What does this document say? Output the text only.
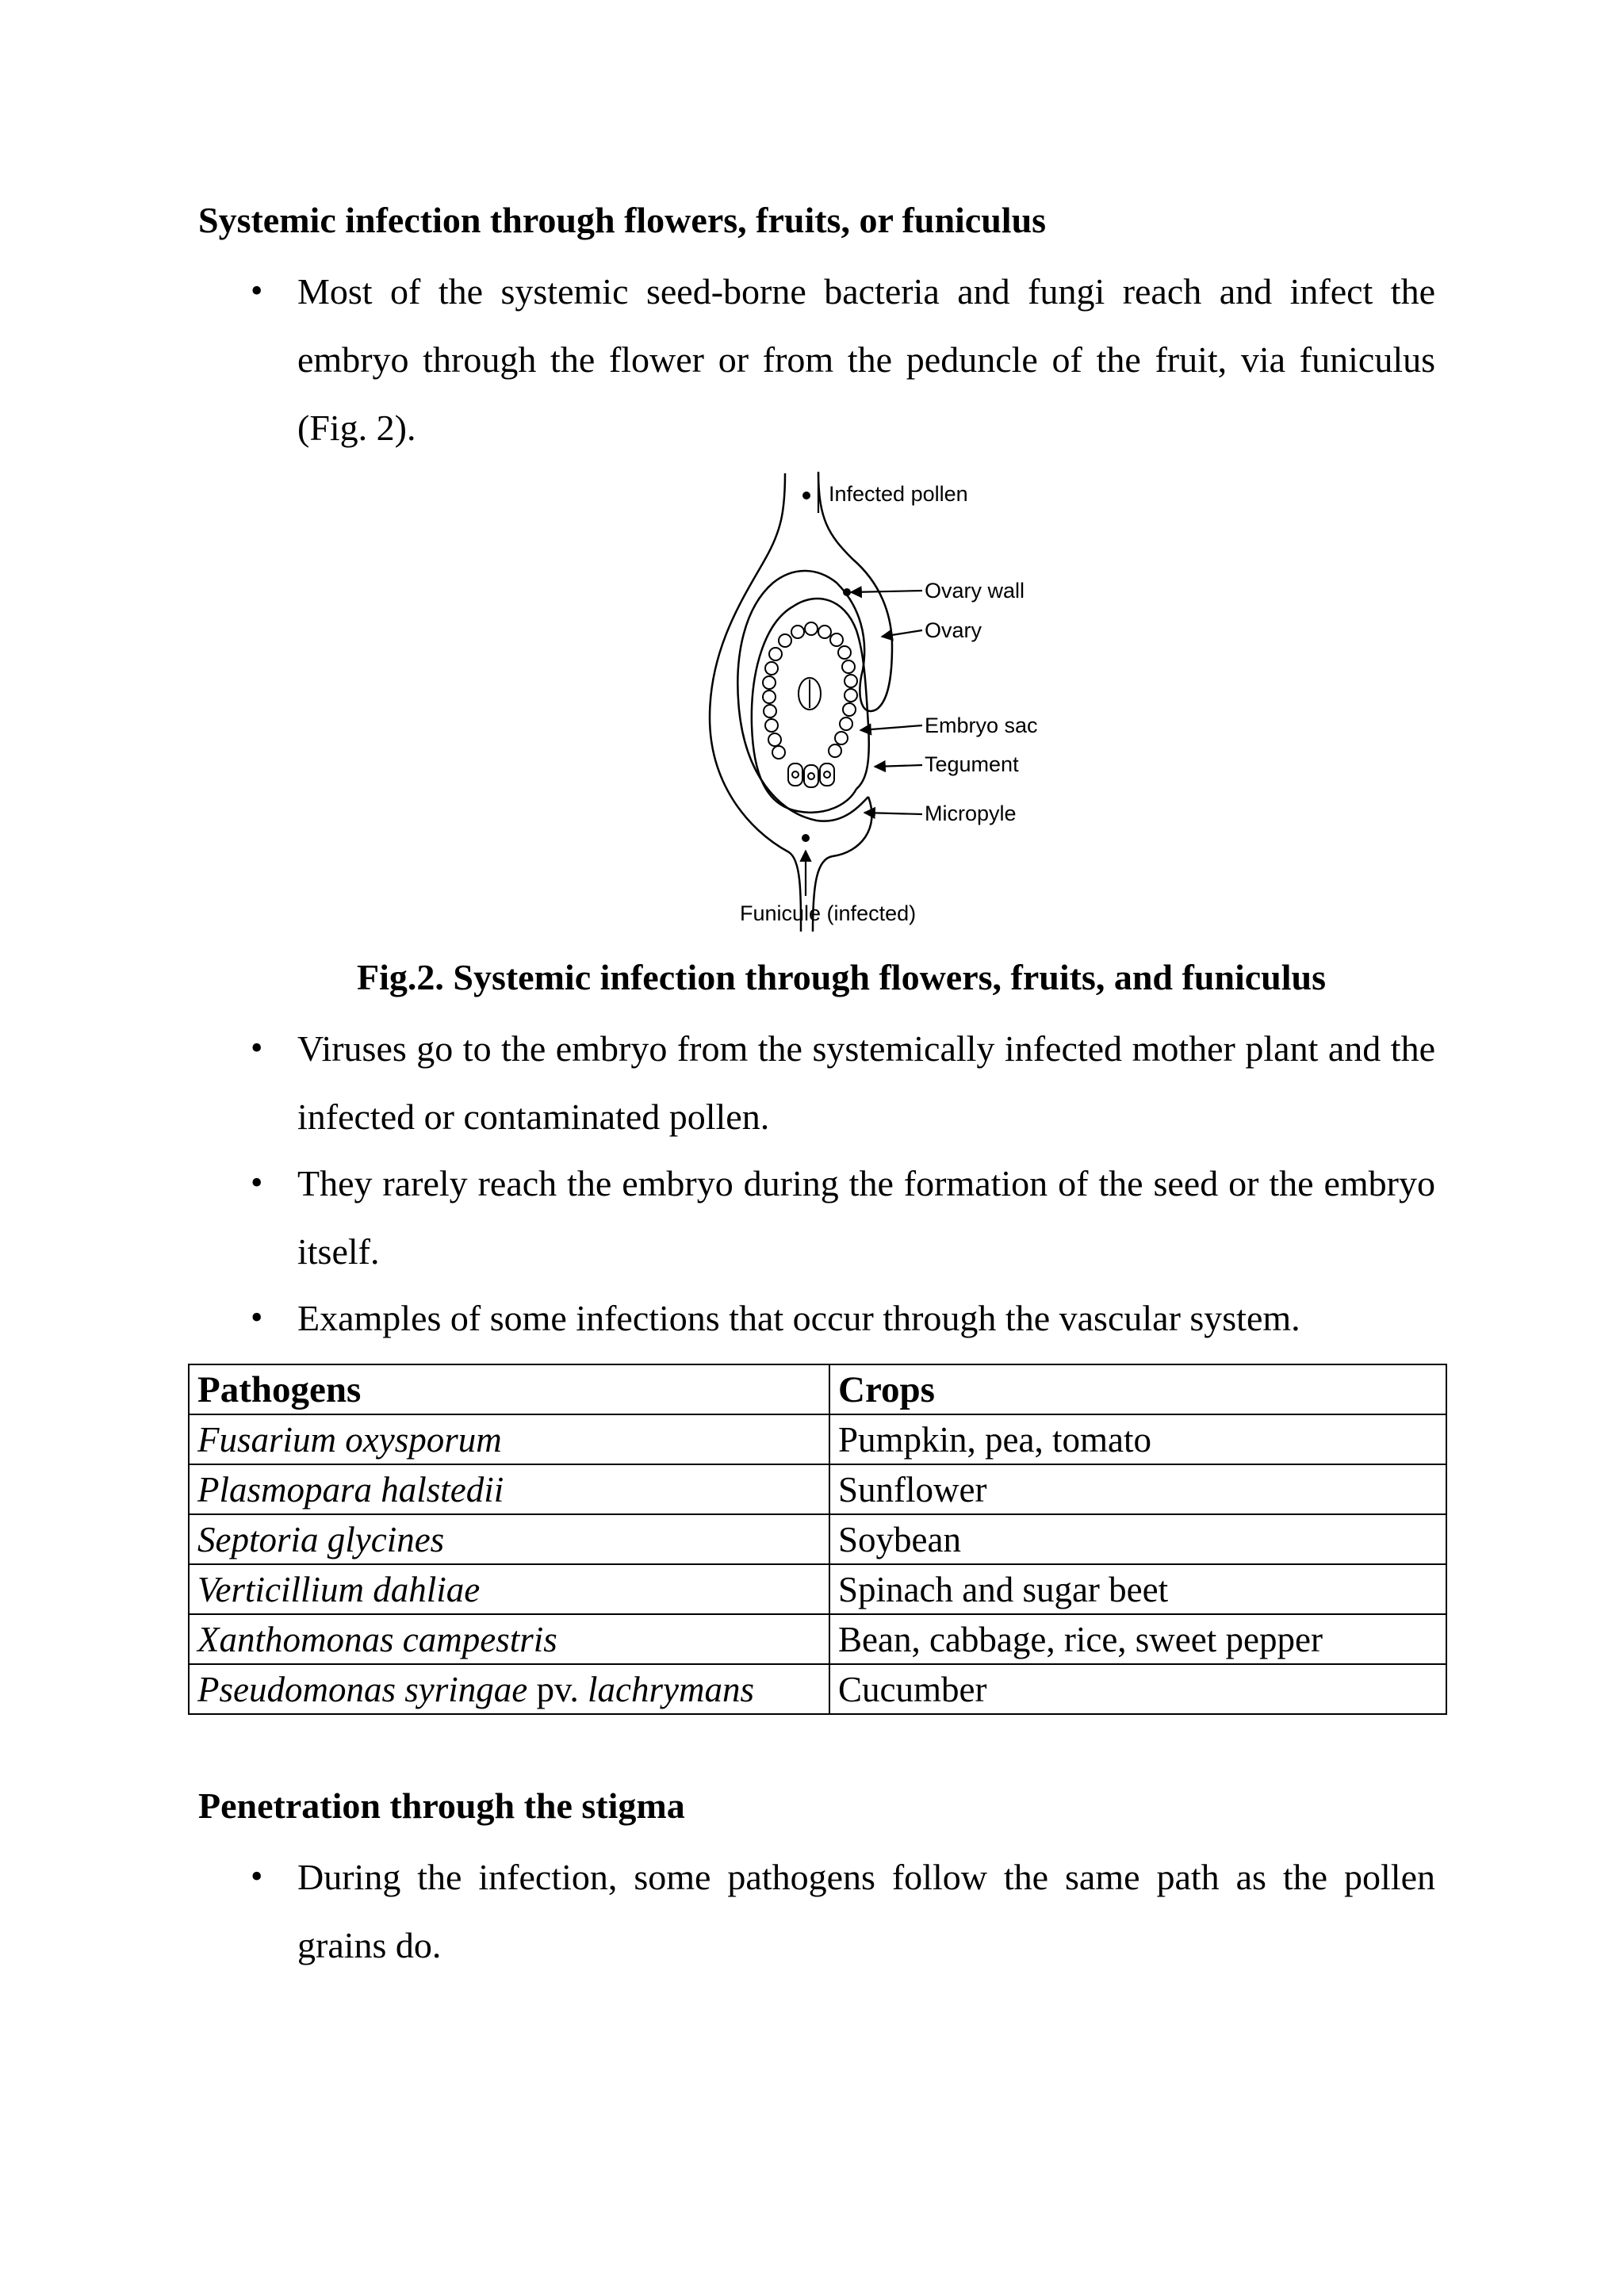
Systemic infection through flowers, fruits, or funiculus
• Most of the systemic seed-borne bacteria and fungi reach and infect the embryo through the flower or from the peduncle of the fruit, via funiculus (Fig. 2).
Infected pollen
Ovary wall
Ovary
Embryo sac
Tegument
Micropyle
Funicule (infected)
Fig.2. Systemic infection through flowers, fruits, and funiculus
• Viruses go to the embryo from the systemically infected mother plant and the infected or contaminated pollen.
• They rarely reach the embryo during the formation of the seed or the embryo itself.
• Examples of some infections that occur through the vascular system.
Pathogens	Crops
Fusarium oxysporum	Pumpkin, pea, tomato
Plasmopara halstedii	Sunflower
Septoria glycines	Soybean
Verticillium dahliae	Spinach and sugar beet
Xanthomonas campestris	Bean, cabbage, rice, sweet pepper
Pseudomonas syringae pv. lachrymans	Cucumber
Penetration through the stigma
• During the infection, some pathogens follow the same path as the pollen grains do.
